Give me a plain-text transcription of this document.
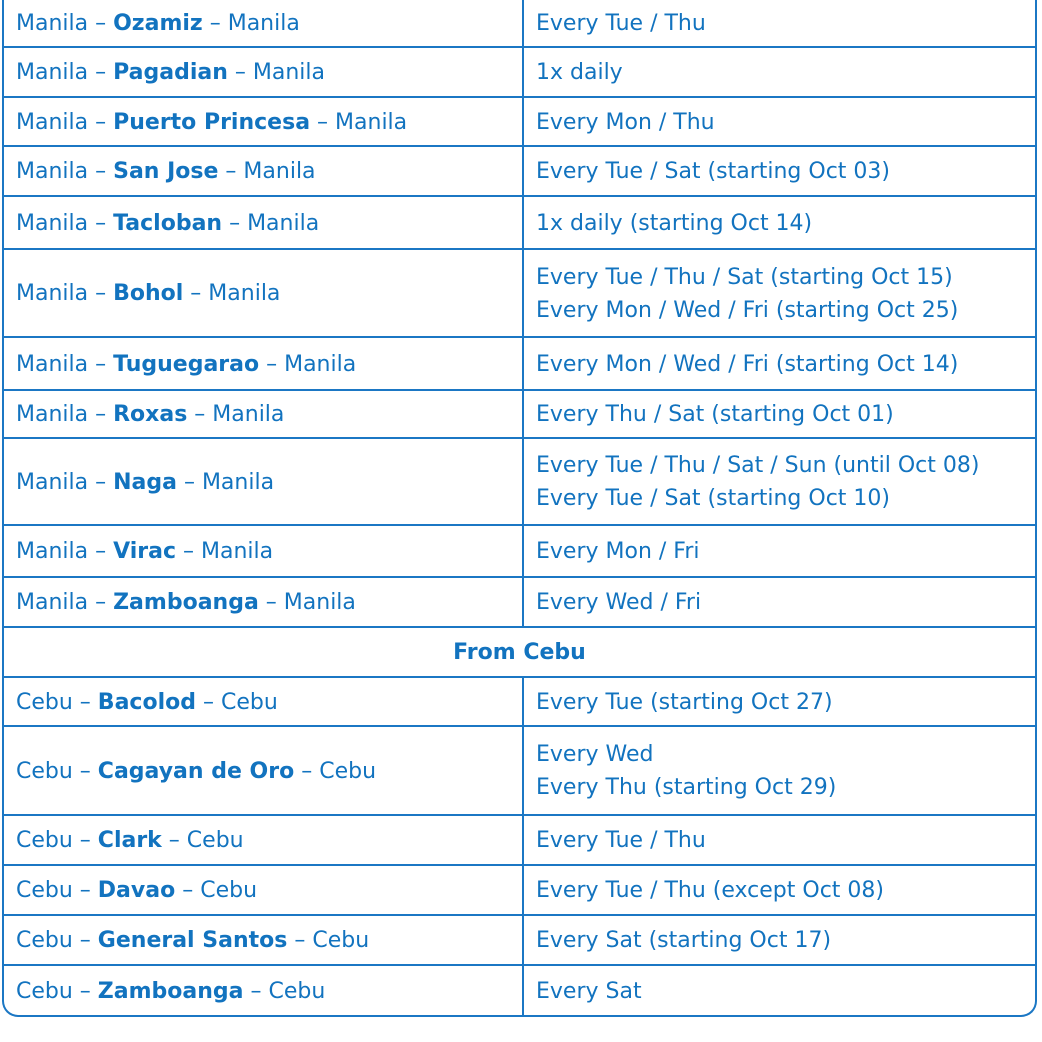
Manila – Ozamiz – Manila	Every Tue / Thu

Manila – Pagadian – Manila	1x daily

Manila – Puerto Princesa – Manila	Every Mon / Thu

Manila – San Jose – Manila	Every Tue / Sat (starting Oct 03)

Manila – Tacloban – Manila	1x daily (starting Oct 14)

Manila – Bohol – Manila	Every Tue / Thu / Sat (starting Oct 15)
Every Mon / Wed / Fri (starting Oct 25)

Manila – Tuguegarao – Manila	Every Mon / Wed / Fri (starting Oct 14)

Manila – Roxas – Manila	Every Thu / Sat (starting Oct 01)

Manila – Naga – Manila	Every Tue / Thu / Sat / Sun (until Oct 08)
Every Tue / Sat (starting Oct 10)

Manila – Virac – Manila	Every Mon / Fri

Manila – Zamboanga – Manila	Every Wed / Fri

From Cebu	
Cebu – Bacolod – Cebu	Every Tue (starting Oct 27)

Cebu – Cagayan de Oro – Cebu	Every Wed
Every Thu (starting Oct 29)

Cebu – Clark – Cebu	Every Tue / Thu

Cebu – Davao – Cebu	Every Tue / Thu (except Oct 08)

Cebu – General Santos – Cebu	Every Sat (starting Oct 17)

Cebu – Zamboanga – Cebu	Every Sat
